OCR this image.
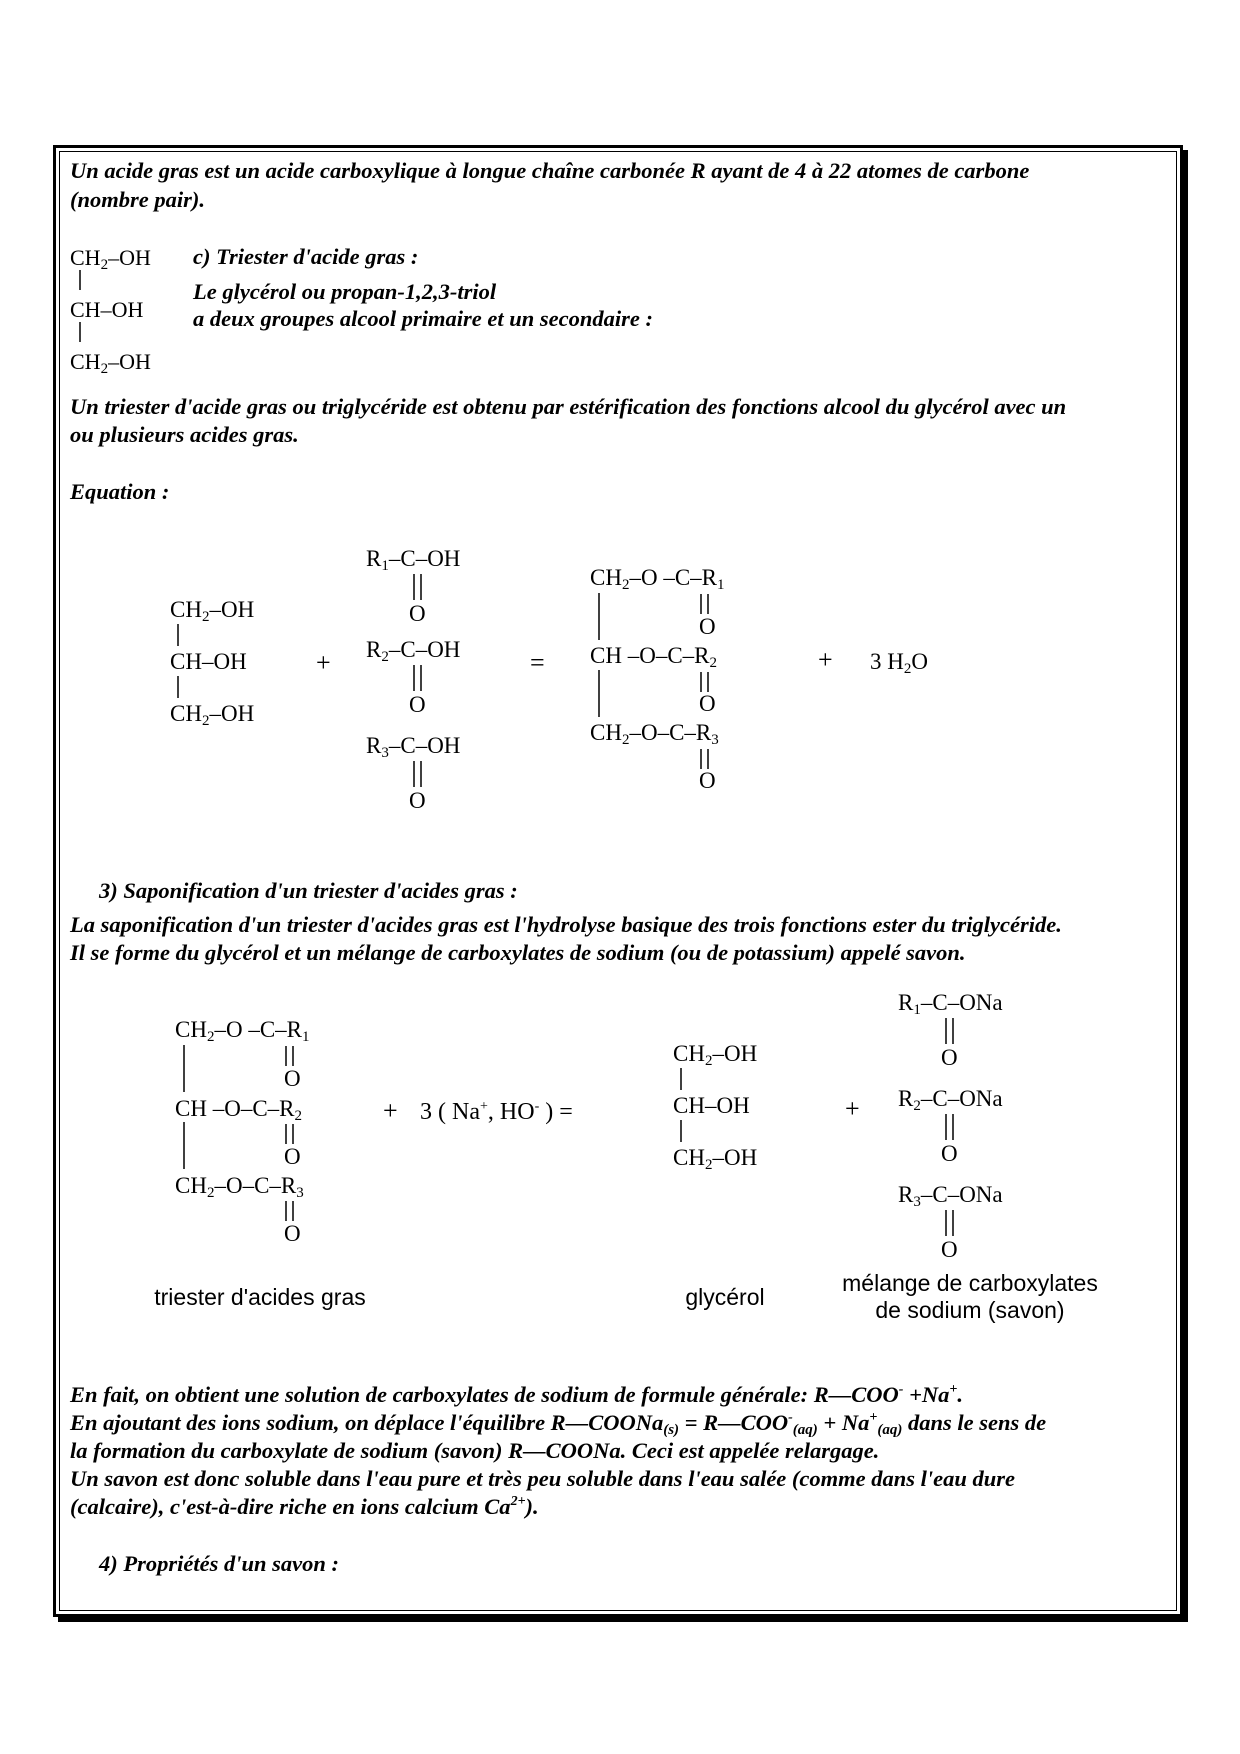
Un acide gras est un acide carboxylique à longue chaîne carbonée R ayant de 4 à 22 atomes de carbone

(nombre pair).

$CH_2-OH$
CH–OH
$CH_2-OH$

c) Triester d'acide gras :

Le glycérol ou propan-1,2,3-triol

a deux groupes alcool primaire et un secondaire :

Un triester d'acide gras ou triglycéride est obtenu par estérification des fonctions alcool du glycérol avec un

ou plusieurs acides gras.

Equation :

$CH_2-OH$
CH–OH
$CH_2-OH$
+
$R_1-C-OH$
O
$R_2-C-OH$
O
$R_3-C-OH$
O
=
$CH_2-O$ $-C-R_1$
O
CH $-O-C-R_2$
O
$CH_2-O-C-R_3$
O
+ 3 $H_2O$

3) Saponification d'un triester d'acides gras :

La saponification d'un triester d'acides gras est l'hydrolyse basique des trois fonctions ester du triglycéride.

Il se forme du glycérol et un mélange de carboxylates de sodium (ou de potassium) appelé savon.

$CH_2-O$ $-C-R_1$
O
CH $-O-C-R_2$
O
$CH_2-O-C-R_3$
O
+ 3 ( Na+, HO- ) =
$CH_2-OH$
CH–OH
$CH_2-OH$
+
$R_1-C$–ONa
O
$R_2-C$–ONa
O
$R_3-C$–ONa
O
triester d'acides gras	glycérol
mélange de carboxylates
de sodium (savon)

En fait, on obtient une solution de carboxylates de sodium de formule générale: R—COO- +Na+.

En ajoutant des ions sodium, on déplace l'équilibre R—COONa$_{(s)}$ = $R—COO^-_{(aq)} + Na^+_{(aq)}$ dans le sens de

la formation du carboxylate de sodium (savon) R—COONa. Ceci est appelée relargage.

Un savon est donc soluble dans l'eau pure et très peu soluble dans l'eau salée (comme dans l'eau dure

(calcaire), c'est-à-dire riche en ions calcium $Ca^{2+}$).

4) Propriétés d'un savon :
